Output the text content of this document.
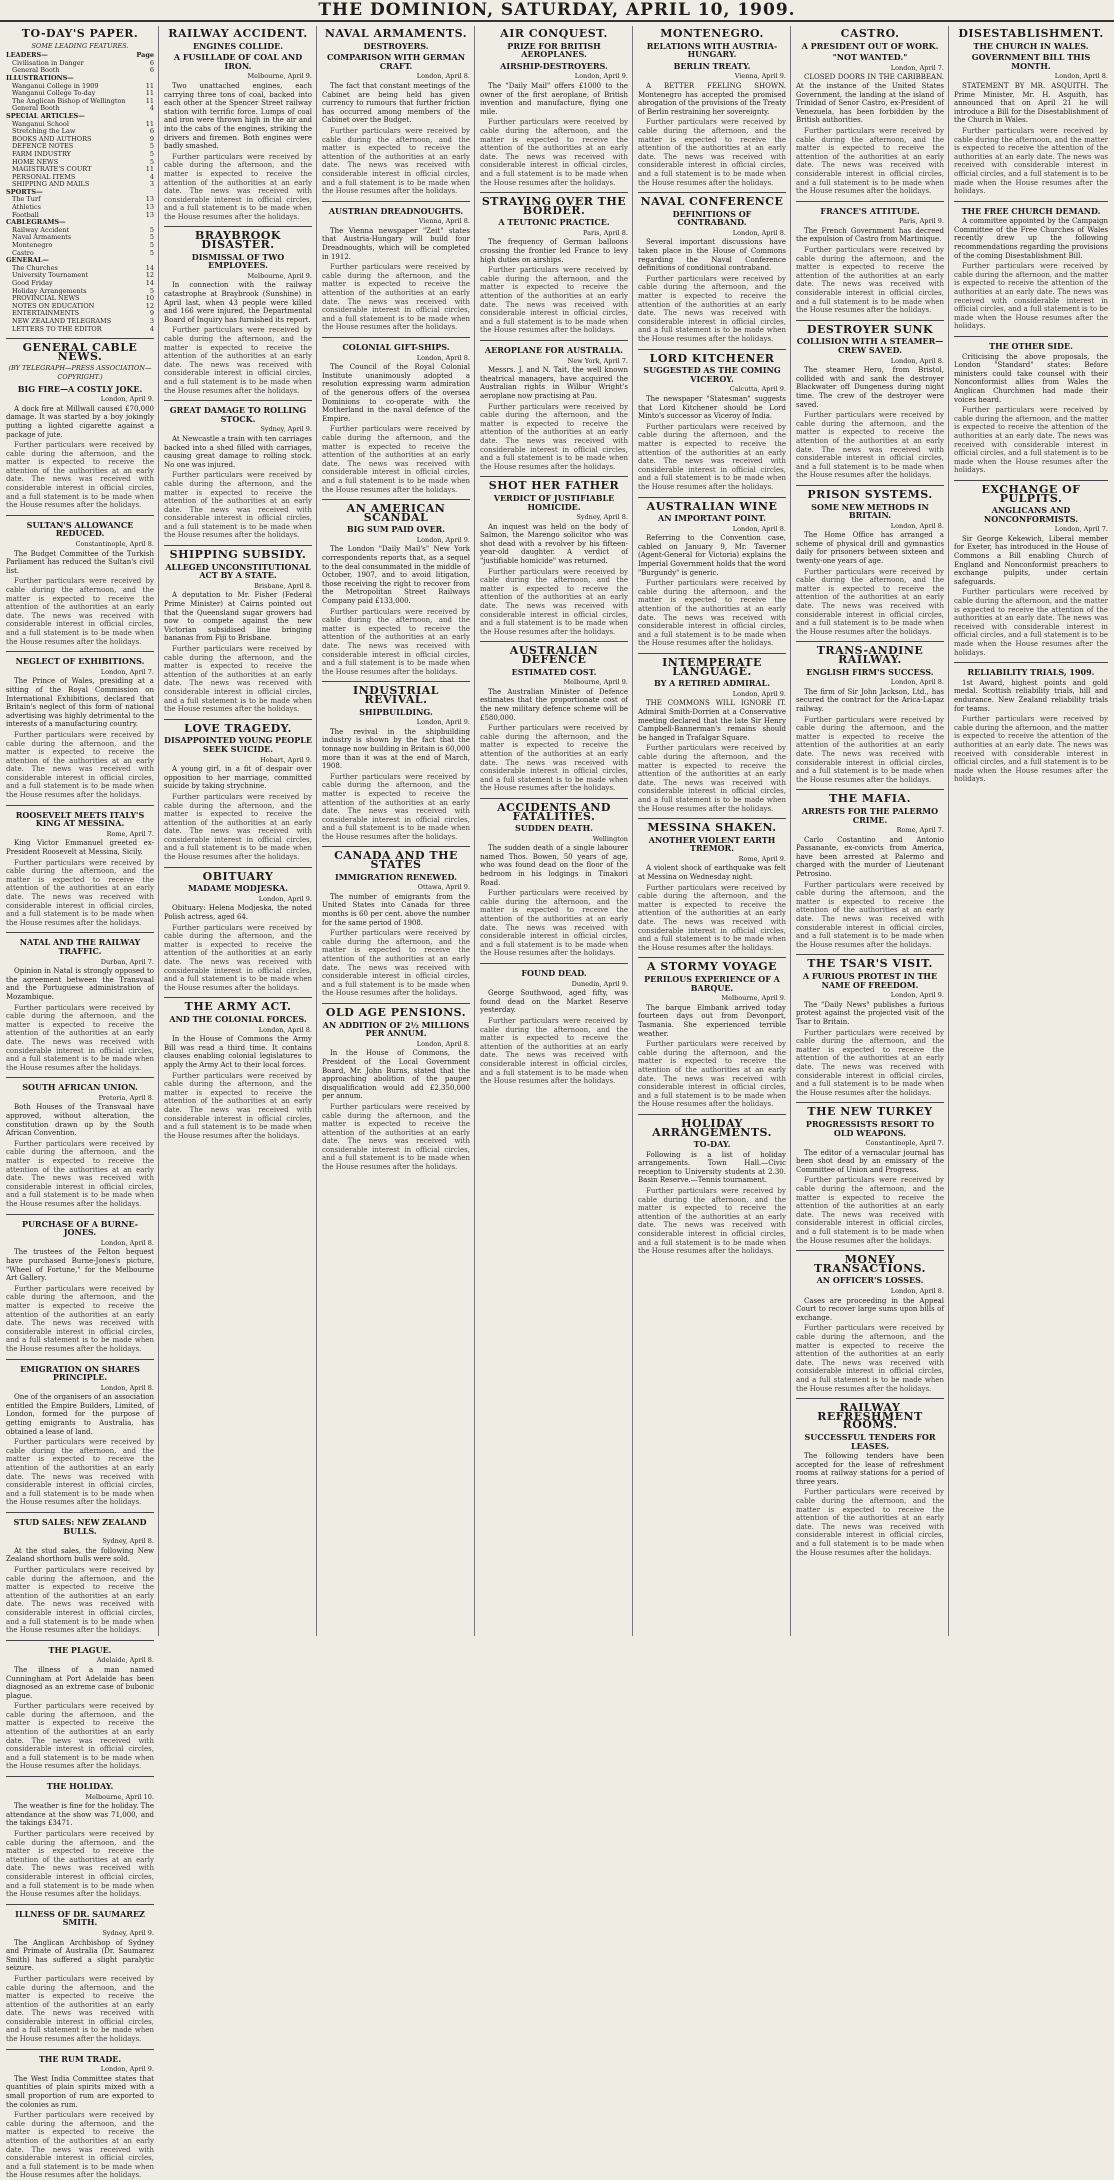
THE DOMINION, SATURDAY, APRIL 10, 1909.
TO-DAY'S PAPER.
SOME LEADING FEATURES.
LEADERS—	Page
Civilisation in Danger	6
General Booth	6
ILLUSTRATIONS—
Wanganui College in 1909	11
Wanganui College To-day	11
The Anglican Bishop of Wellington	11
General Booth	4
SPECIAL ARTICLES—
Wanganui School	11
Stretching the Law	6
BOOKS AND AUTHORS	9
DEFENCE NOTES	5
FARM INDUSTRY	5
HOME NEWS	5
MAGISTRATE'S COURT	11
PERSONAL ITEMS	4
SHIPPING AND MAILS	3
SPORTS—
The Turf	13
Athletics	13
Football	13
CABLEGRAMS—
Railway Accident	5
Naval Armaments	5
Montenegro	5
Castro	5
GENERAL—
The Churches	14
University Tournament	12
Good Friday	14
Holiday Arrangements	5
PROVINCIAL NEWS	10
NOTES ON EDUCATION	12
ENTERTAINMENTS	9
NEW ZEALAND TELEGRAMS	3
LETTERS TO THE EDITOR	4
GENERAL CABLE NEWS.
(BY TELEGRAPH—PRESS ASSOCIATION—COPYRIGHT.)
BIG FIRE—A COSTLY JOKE.
London, April 9.

A dock fire at Millwall caused £70,000 damage. It was started by a boy jokingly putting a lighted cigarette against a package of jute.

Further particulars were received by cable during the afternoon, and the matter is expected to receive the attention of the authorities at an early date. The news was received with considerable interest in official circles, and a full statement is to be made when the House resumes after the holidays.

SULTAN'S ALLOWANCE REDUCED.
Constantinople, April 8.

The Budget Committee of the Turkish Parliament has reduced the Sultan's civil list.

Further particulars were received by cable during the afternoon, and the matter is expected to receive the attention of the authorities at an early date. The news was received with considerable interest in official circles, and a full statement is to be made when the House resumes after the holidays.

NEGLECT OF EXHIBITIONS.
London, April 7.

The Prince of Wales, presiding at a sitting of the Royal Commission on International Exhibitions, declared that Britain's neglect of this form of national advertising was highly detrimental to the interests of a manufacturing country.

Further particulars were received by cable during the afternoon, and the matter is expected to receive the attention of the authorities at an early date. The news was received with considerable interest in official circles, and a full statement is to be made when the House resumes after the holidays.

ROOSEVELT MEETS ITALY'S KING AT MESSINA.
Rome, April 7.

King Victor Emmanuel greeted ex-President Roosevelt at Messina, Sicily.

Further particulars were received by cable during the afternoon, and the matter is expected to receive the attention of the authorities at an early date. The news was received with considerable interest in official circles, and a full statement is to be made when the House resumes after the holidays.

NATAL AND THE RAILWAY TRAFFIC.
Durban, April 7.

Opinion in Natal is strongly opposed to the agreement between the Transvaal and the Portuguese administration of Mozambique.

Further particulars were received by cable during the afternoon, and the matter is expected to receive the attention of the authorities at an early date. The news was received with considerable interest in official circles, and a full statement is to be made when the House resumes after the holidays.

SOUTH AFRICAN UNION.
Pretoria, April 8.

Both Houses of the Transvaal have approved, without alteration, the constitution drawn up by the South African Convention.

Further particulars were received by cable during the afternoon, and the matter is expected to receive the attention of the authorities at an early date. The news was received with considerable interest in official circles, and a full statement is to be made when the House resumes after the holidays.

PURCHASE OF A BURNE-JONES.
London, April 8.

The trustees of the Felton bequest have purchased Burne-Jones's picture, "Wheel of Fortune," for the Melbourne Art Gallery.

Further particulars were received by cable during the afternoon, and the matter is expected to receive the attention of the authorities at an early date. The news was received with considerable interest in official circles, and a full statement is to be made when the House resumes after the holidays.

EMIGRATION ON SHARES PRINCIPLE.
London, April 8.

One of the organisers of an association entitled the Empire Builders, Limited, of London, formed for the purpose of getting emigrants to Australia, has obtained a lease of land.

Further particulars were received by cable during the afternoon, and the matter is expected to receive the attention of the authorities at an early date. The news was received with considerable interest in official circles, and a full statement is to be made when the House resumes after the holidays.

STUD SALES: NEW ZEALAND BULLS.
Sydney, April 8.

At the stud sales, the following New Zealand shorthorn bulls were sold.

Further particulars were received by cable during the afternoon, and the matter is expected to receive the attention of the authorities at an early date. The news was received with considerable interest in official circles, and a full statement is to be made when the House resumes after the holidays.

THE PLAGUE.
Adelaide, April 8.

The illness of a man named Cunningham at Port Adelaide has been diagnosed as an extreme case of bubonic plague.

Further particulars were received by cable during the afternoon, and the matter is expected to receive the attention of the authorities at an early date. The news was received with considerable interest in official circles, and a full statement is to be made when the House resumes after the holidays.

THE HOLIDAY.
Melbourne, April 10.

The weather is fine for the holiday. The attendance at the show was 71,000, and the takings £3471.

Further particulars were received by cable during the afternoon, and the matter is expected to receive the attention of the authorities at an early date. The news was received with considerable interest in official circles, and a full statement is to be made when the House resumes after the holidays.

ILLNESS OF DR. SAUMAREZ SMITH.
Sydney, April 9.

The Anglican Archbishop of Sydney and Primate of Australia (Dr. Saumarez Smith) has suffered a slight paralytic seizure.

Further particulars were received by cable during the afternoon, and the matter is expected to receive the attention of the authorities at an early date. The news was received with considerable interest in official circles, and a full statement is to be made when the House resumes after the holidays.

THE RUM TRADE.
London, April 9.

The West India Committee states that quantities of plain spirits mixed with a small proportion of rum are exported to the colonies as rum.

Further particulars were received by cable during the afternoon, and the matter is expected to receive the attention of the authorities at an early date. The news was received with considerable interest in official circles, and a full statement is to be made when the House resumes after the holidays.

RAILWAY ACCIDENT.
ENGINES COLLIDE.
A FUSILLADE OF COAL AND IRON.
Melbourne, April 9.

Two unattached engines, each carrying three tons of coal, backed into each other at the Spencer Street railway station with terrific force. Lumps of coal and iron were thrown high in the air and into the cabs of the engines, striking the drivers and firemen. Both engines were badly smashed.

Further particulars were received by cable during the afternoon, and the matter is expected to receive the attention of the authorities at an early date. The news was received with considerable interest in official circles, and a full statement is to be made when the House resumes after the holidays.

BRAYBROOK DISASTER.
DISMISSAL OF TWO EMPLOYEES.
Melbourne, April 9.

In connection with the railway catastrophe at Braybrook (Sunshine) in April last, when 43 people were killed and 166 were injured, the Departmental Board of Inquiry has furnished its report.

Further particulars were received by cable during the afternoon, and the matter is expected to receive the attention of the authorities at an early date. The news was received with considerable interest in official circles, and a full statement is to be made when the House resumes after the holidays.

GREAT DAMAGE TO ROLLING STOCK.
Sydney, April 9.

At Newcastle a train with ten carriages backed into a shed filled with carriages, causing great damage to rolling stock. No one was injured.

Further particulars were received by cable during the afternoon, and the matter is expected to receive the attention of the authorities at an early date. The news was received with considerable interest in official circles, and a full statement is to be made when the House resumes after the holidays.

SHIPPING SUBSIDY.
ALLEGED UNCONSTITUTIONAL ACT BY A STATE.
Brisbane, April 8.

A deputation to Mr. Fisher (Federal Prime Minister) at Cairns pointed out that the Queensland sugar growers had now to compete against the new Victorian subsidised line bringing bananas from Fiji to Brisbane.

Further particulars were received by cable during the afternoon, and the matter is expected to receive the attention of the authorities at an early date. The news was received with considerable interest in official circles, and a full statement is to be made when the House resumes after the holidays.

LOVE TRAGEDY.
DISAPPOINTED YOUNG PEOPLE SEEK SUICIDE.
Hobart, April 9.

A young girl, in a fit of despair over opposition to her marriage, committed suicide by taking strychnine.

Further particulars were received by cable during the afternoon, and the matter is expected to receive the attention of the authorities at an early date. The news was received with considerable interest in official circles, and a full statement is to be made when the House resumes after the holidays.

OBITUARY
MADAME MODJESKA.
London, April 9.

Obituary: Helena Modjeska, the noted Polish actress, aged 64.

Further particulars were received by cable during the afternoon, and the matter is expected to receive the attention of the authorities at an early date. The news was received with considerable interest in official circles, and a full statement is to be made when the House resumes after the holidays.

THE ARMY ACT.
AND THE COLONIAL FORCES.
London, April 8.

In the House of Commons the Army Bill was read a third time. It contains clauses enabling colonial legislatures to apply the Army Act to their local forces.

Further particulars were received by cable during the afternoon, and the matter is expected to receive the attention of the authorities at an early date. The news was received with considerable interest in official circles, and a full statement is to be made when the House resumes after the holidays.

NAVAL ARMAMENTS.
DESTROYERS.
COMPARISON WITH GERMAN CRAFT.
London, April 8.

The fact that constant meetings of the Cabinet are being held has given currency to rumours that further friction has occurred among members of the Cabinet over the Budget.

Further particulars were received by cable during the afternoon, and the matter is expected to receive the attention of the authorities at an early date. The news was received with considerable interest in official circles, and a full statement is to be made when the House resumes after the holidays.

AUSTRIAN DREADNOUGHTS.
Vienna, April 8.

The Vienna newspaper "Zeit" states that Austria-Hungary will build four Dreadnoughts, which will be completed in 1912.

Further particulars were received by cable during the afternoon, and the matter is expected to receive the attention of the authorities at an early date. The news was received with considerable interest in official circles, and a full statement is to be made when the House resumes after the holidays.

COLONIAL GIFT-SHIPS.
London, April 8.

The Council of the Royal Colonial Institute unanimously adopted a resolution expressing warm admiration of the generous offers of the oversea Dominions to co-operate with the Motherland in the naval defence of the Empire.

Further particulars were received by cable during the afternoon, and the matter is expected to receive the attention of the authorities at an early date. The news was received with considerable interest in official circles, and a full statement is to be made when the House resumes after the holidays.

AN AMERICAN SCANDAL
BIG SUM PAID OVER.
London, April 9.

The London "Daily Mail's" New York correspondents reports that, as a sequel to the deal consummated in the middle of October, 1907, and to avoid litigation, those receiving the right to recover from the Metropolitan Street Railways Company paid £133,000.

Further particulars were received by cable during the afternoon, and the matter is expected to receive the attention of the authorities at an early date. The news was received with considerable interest in official circles, and a full statement is to be made when the House resumes after the holidays.

INDUSTRIAL REVIVAL.
SHIPBUILDING.
London, April 9.

The revival in the shipbuilding industry is shown by the fact that the tonnage now building in Britain is 60,000 more than it was at the end of March, 1908.

Further particulars were received by cable during the afternoon, and the matter is expected to receive the attention of the authorities at an early date. The news was received with considerable interest in official circles, and a full statement is to be made when the House resumes after the holidays.

CANADA AND THE STATES
IMMIGRATION RENEWED.
Ottawa, April 9.

The number of emigrants from the United States into Canada for three months is 60 per cent. above the number for the same period of 1908.

Further particulars were received by cable during the afternoon, and the matter is expected to receive the attention of the authorities at an early date. The news was received with considerable interest in official circles, and a full statement is to be made when the House resumes after the holidays.

OLD AGE PENSIONS.
AN ADDITION OF 2½ MILLIONS PER ANNUM.
London, April 8.

In the House of Commons, the President of the Local Government Board, Mr. John Burns, stated that the approaching abolition of the pauper disqualification would add £2,350,000 per annum.

Further particulars were received by cable during the afternoon, and the matter is expected to receive the attention of the authorities at an early date. The news was received with considerable interest in official circles, and a full statement is to be made when the House resumes after the holidays.

AIR CONQUEST.
PRIZE FOR BRITISH AEROPLANES.
AIRSHIP-DESTROYERS.
London, April 9.

The "Daily Mail" offers £1000 to the owner of the first aeroplane, of British invention and manufacture, flying one mile.

Further particulars were received by cable during the afternoon, and the matter is expected to receive the attention of the authorities at an early date. The news was received with considerable interest in official circles, and a full statement is to be made when the House resumes after the holidays.

STRAYING OVER THE BORDER.
A TEUTONIC PRACTICE.
Paris, April 8.

The frequency of German balloons crossing the frontier led France to levy high duties on airships.

Further particulars were received by cable during the afternoon, and the matter is expected to receive the attention of the authorities at an early date. The news was received with considerable interest in official circles, and a full statement is to be made when the House resumes after the holidays.

AEROPLANE FOR AUSTRALIA.
New York, April 7.

Messrs. J. and N. Tait, the well known theatrical managers, have acquired the Australian rights in Wilbur Wright's aeroplane now practising at Pau.

Further particulars were received by cable during the afternoon, and the matter is expected to receive the attention of the authorities at an early date. The news was received with considerable interest in official circles, and a full statement is to be made when the House resumes after the holidays.

SHOT HER FATHER
VERDICT OF JUSTIFIABLE HOMICIDE.
Sydney, April 8.

An inquest was held on the body of Salmon, the Marengo solicitor who was shot dead with a revolver by his fifteen-year-old daughter. A verdict of "justifiable homicide" was returned.

Further particulars were received by cable during the afternoon, and the matter is expected to receive the attention of the authorities at an early date. The news was received with considerable interest in official circles, and a full statement is to be made when the House resumes after the holidays.

AUSTRALIAN DEFENCE
ESTIMATED COST.
Melbourne, April 9.

The Australian Minister of Defence estimates that the proportionate cost of the new military defence scheme will be £580,000.

Further particulars were received by cable during the afternoon, and the matter is expected to receive the attention of the authorities at an early date. The news was received with considerable interest in official circles, and a full statement is to be made when the House resumes after the holidays.

ACCIDENTS AND FATALITIES.
SUDDEN DEATH.
Wellington

The sudden death of a single labourer named Thos. Bowen, 50 years of age, who was found dead on the floor of the bedroom in his lodgings in Tinakori Road.

Further particulars were received by cable during the afternoon, and the matter is expected to receive the attention of the authorities at an early date. The news was received with considerable interest in official circles, and a full statement is to be made when the House resumes after the holidays.

FOUND DEAD.
Dunedin, April 9.

George Southwood, aged fifty, was found dead on the Market Reserve yesterday.

Further particulars were received by cable during the afternoon, and the matter is expected to receive the attention of the authorities at an early date. The news was received with considerable interest in official circles, and a full statement is to be made when the House resumes after the holidays.

MONTENEGRO.
RELATIONS WITH AUSTRIA-HUNGARY.
BERLIN TREATY.
Vienna, April 9.

A BETTER FEELING SHOWN. Montenegro has accepted the promised abrogation of the provisions of the Treaty of Berlin restraining her sovereignty.

Further particulars were received by cable during the afternoon, and the matter is expected to receive the attention of the authorities at an early date. The news was received with considerable interest in official circles, and a full statement is to be made when the House resumes after the holidays.

NAVAL CONFERENCE
DEFINITIONS OF CONTRABAND.
London, April 8.

Several important discussions have taken place in the House of Commons regarding the Naval Conference definitions of conditional contraband.

Further particulars were received by cable during the afternoon, and the matter is expected to receive the attention of the authorities at an early date. The news was received with considerable interest in official circles, and a full statement is to be made when the House resumes after the holidays.

LORD KITCHENER
SUGGESTED AS THE COMING VICEROY.
Calcutta, April 9.

The newspaper "Statesman" suggests that Lord Kitchener should be Lord Minto's successor as Viceroy of India.

Further particulars were received by cable during the afternoon, and the matter is expected to receive the attention of the authorities at an early date. The news was received with considerable interest in official circles, and a full statement is to be made when the House resumes after the holidays.

AUSTRALIAN WINE
AN IMPORTANT POINT.
London, April 8.

Referring to the Convention case, cabled on January 9, Mr. Taverner (Agent-General for Victoria) explains the Imperial Government holds that the word "Burgundy" is generic.

Further particulars were received by cable during the afternoon, and the matter is expected to receive the attention of the authorities at an early date. The news was received with considerable interest in official circles, and a full statement is to be made when the House resumes after the holidays.

INTEMPERATE LANGUAGE.
BY A RETIRED ADMIRAL.
London, April 9.

THE COMMONS WILL IGNORE IT. Admiral Smith-Dorrien at a Conservative meeting declared that the late Sir Henry Campbell-Bannerman's remains should be hanged in Trafalgar Square.

Further particulars were received by cable during the afternoon, and the matter is expected to receive the attention of the authorities at an early date. The news was received with considerable interest in official circles, and a full statement is to be made when the House resumes after the holidays.

MESSINA SHAKEN.
ANOTHER VIOLENT EARTH TREMOR.
Rome, April 9.

A violent shock of earthquake was felt at Messina on Wednesday night.

Further particulars were received by cable during the afternoon, and the matter is expected to receive the attention of the authorities at an early date. The news was received with considerable interest in official circles, and a full statement is to be made when the House resumes after the holidays.

A STORMY VOYAGE
PERILOUS EXPERIENCE OF A BARQUE.
Melbourne, April 9.

The barque Elmbank arrived today fourteen days out from Devonport, Tasmania. She experienced terrible weather.

Further particulars were received by cable during the afternoon, and the matter is expected to receive the attention of the authorities at an early date. The news was received with considerable interest in official circles, and a full statement is to be made when the House resumes after the holidays.

HOLIDAY ARRANGEMENTS.
TO-DAY.

Following is a list of holiday arrangements. Town Hall.—Civic reception to University students at 2.30. Basin Reserve.—Tennis tournament.

Further particulars were received by cable during the afternoon, and the matter is expected to receive the attention of the authorities at an early date. The news was received with considerable interest in official circles, and a full statement is to be made when the House resumes after the holidays.

CASTRO.
A PRESIDENT OUT OF WORK.
"NOT WANTED."
London, April 7.

CLOSED DOORS IN THE CARIBBEAN. At the instance of the United States Government, the landing at the island of Trinidad of Senor Castro, ex-President of Venezuela, has been forbidden by the British authorities.

Further particulars were received by cable during the afternoon, and the matter is expected to receive the attention of the authorities at an early date. The news was received with considerable interest in official circles, and a full statement is to be made when the House resumes after the holidays.

FRANCE'S ATTITUDE.
Paris, April 9.

The French Government has decreed the expulsion of Castro from Martinique.

Further particulars were received by cable during the afternoon, and the matter is expected to receive the attention of the authorities at an early date. The news was received with considerable interest in official circles, and a full statement is to be made when the House resumes after the holidays.

DESTROYER SUNK
COLLISION WITH A STEAMER—CREW SAVED.
London, April 8.

The steamer Hero, from Bristol, collided with and sank the destroyer Blackwater off Dungeness during night time. The crew of the destroyer were saved.

Further particulars were received by cable during the afternoon, and the matter is expected to receive the attention of the authorities at an early date. The news was received with considerable interest in official circles, and a full statement is to be made when the House resumes after the holidays.

PRISON SYSTEMS.
SOME NEW METHODS IN BRITAIN.
London, April 8.

The Home Office has arranged a scheme of physical drill and gymnastics daily for prisoners between sixteen and twenty-one years of age.

Further particulars were received by cable during the afternoon, and the matter is expected to receive the attention of the authorities at an early date. The news was received with considerable interest in official circles, and a full statement is to be made when the House resumes after the holidays.

TRANS-ANDINE RAILWAY.
ENGLISH FIRM'S SUCCESS.
London, April 8.

The firm of Sir John Jackson, Ltd., has secured the contract for the Arica-Lapaz railway.

Further particulars were received by cable during the afternoon, and the matter is expected to receive the attention of the authorities at an early date. The news was received with considerable interest in official circles, and a full statement is to be made when the House resumes after the holidays.

THE MAFIA.
ARRESTS FOR THE PALERMO CRIME.
Rome, April 7.

Carlo Costantino and Antonio Passanante, ex-convicts from America, have been arrested at Palermo and charged with the murder of Lieutenant Petrosino.

Further particulars were received by cable during the afternoon, and the matter is expected to receive the attention of the authorities at an early date. The news was received with considerable interest in official circles, and a full statement is to be made when the House resumes after the holidays.

THE TSAR'S VISIT.
A FURIOUS PROTEST IN THE NAME OF FREEDOM.
London, April 9.

The "Daily News" publishes a furious protest against the projected visit of the Tsar to Britain.

Further particulars were received by cable during the afternoon, and the matter is expected to receive the attention of the authorities at an early date. The news was received with considerable interest in official circles, and a full statement is to be made when the House resumes after the holidays.

THE NEW TURKEY
PROGRESSISTS RESORT TO OLD WEAPONS.
Constantinople, April 7.

The editor of a vernacular journal has been shot dead by an emissary of the Committee of Union and Progress.

Further particulars were received by cable during the afternoon, and the matter is expected to receive the attention of the authorities at an early date. The news was received with considerable interest in official circles, and a full statement is to be made when the House resumes after the holidays.

MONEY TRANSACTIONS.
AN OFFICER'S LOSSES.
London, April 8.

Cases are proceeding in the Appeal Court to recover large sums upon bills of exchange.

Further particulars were received by cable during the afternoon, and the matter is expected to receive the attention of the authorities at an early date. The news was received with considerable interest in official circles, and a full statement is to be made when the House resumes after the holidays.

RAILWAY REFRESHMENT ROOMS.
SUCCESSFUL TENDERS FOR LEASES.

The following tenders have been accepted for the lease of refreshment rooms at railway stations for a period of three years.

Further particulars were received by cable during the afternoon, and the matter is expected to receive the attention of the authorities at an early date. The news was received with considerable interest in official circles, and a full statement is to be made when the House resumes after the holidays.

DISESTABLISHMENT.
THE CHURCH IN WALES.
GOVERNMENT BILL THIS MONTH.
London, April 8.

STATEMENT BY MR. ASQUITH. The Prime Minister, Mr. H. Asquith, has announced that on April 21 he will introduce a Bill for the Disestablishment of the Church in Wales.

Further particulars were received by cable during the afternoon, and the matter is expected to receive the attention of the authorities at an early date. The news was received with considerable interest in official circles, and a full statement is to be made when the House resumes after the holidays.

THE FREE CHURCH DEMAND.

A committee appointed by the Campaign Committee of the Free Churches of Wales recently drew up the following recommendations regarding the provisions of the coming Disestablishment Bill.

Further particulars were received by cable during the afternoon, and the matter is expected to receive the attention of the authorities at an early date. The news was received with considerable interest in official circles, and a full statement is to be made when the House resumes after the holidays.

THE OTHER SIDE.

Criticising the above proposals, the London "Standard" states: Before ministers could take counsel with their Nonconformist allies from Wales the Anglican Churchmen had made their voices heard.

Further particulars were received by cable during the afternoon, and the matter is expected to receive the attention of the authorities at an early date. The news was received with considerable interest in official circles, and a full statement is to be made when the House resumes after the holidays.

EXCHANGE OF PULPITS.
ANGLICANS AND NONCONFORMISTS.
London, April 7.

Sir George Kekewich, Liberal member for Exeter, has introduced in the House of Commons a Bill enabling Church of England and Nonconformist preachers to exchange pulpits, under certain safeguards.

Further particulars were received by cable during the afternoon, and the matter is expected to receive the attention of the authorities at an early date. The news was received with considerable interest in official circles, and a full statement is to be made when the House resumes after the holidays.

RELIABILITY TRIALS, 1909.

1st Award, highest points and gold medal. Scottish reliability trials, hill and endurance. New Zealand reliability trials for teams.

Further particulars were received by cable during the afternoon, and the matter is expected to receive the attention of the authorities at an early date. The news was received with considerable interest in official circles, and a full statement is to be made when the House resumes after the holidays.
